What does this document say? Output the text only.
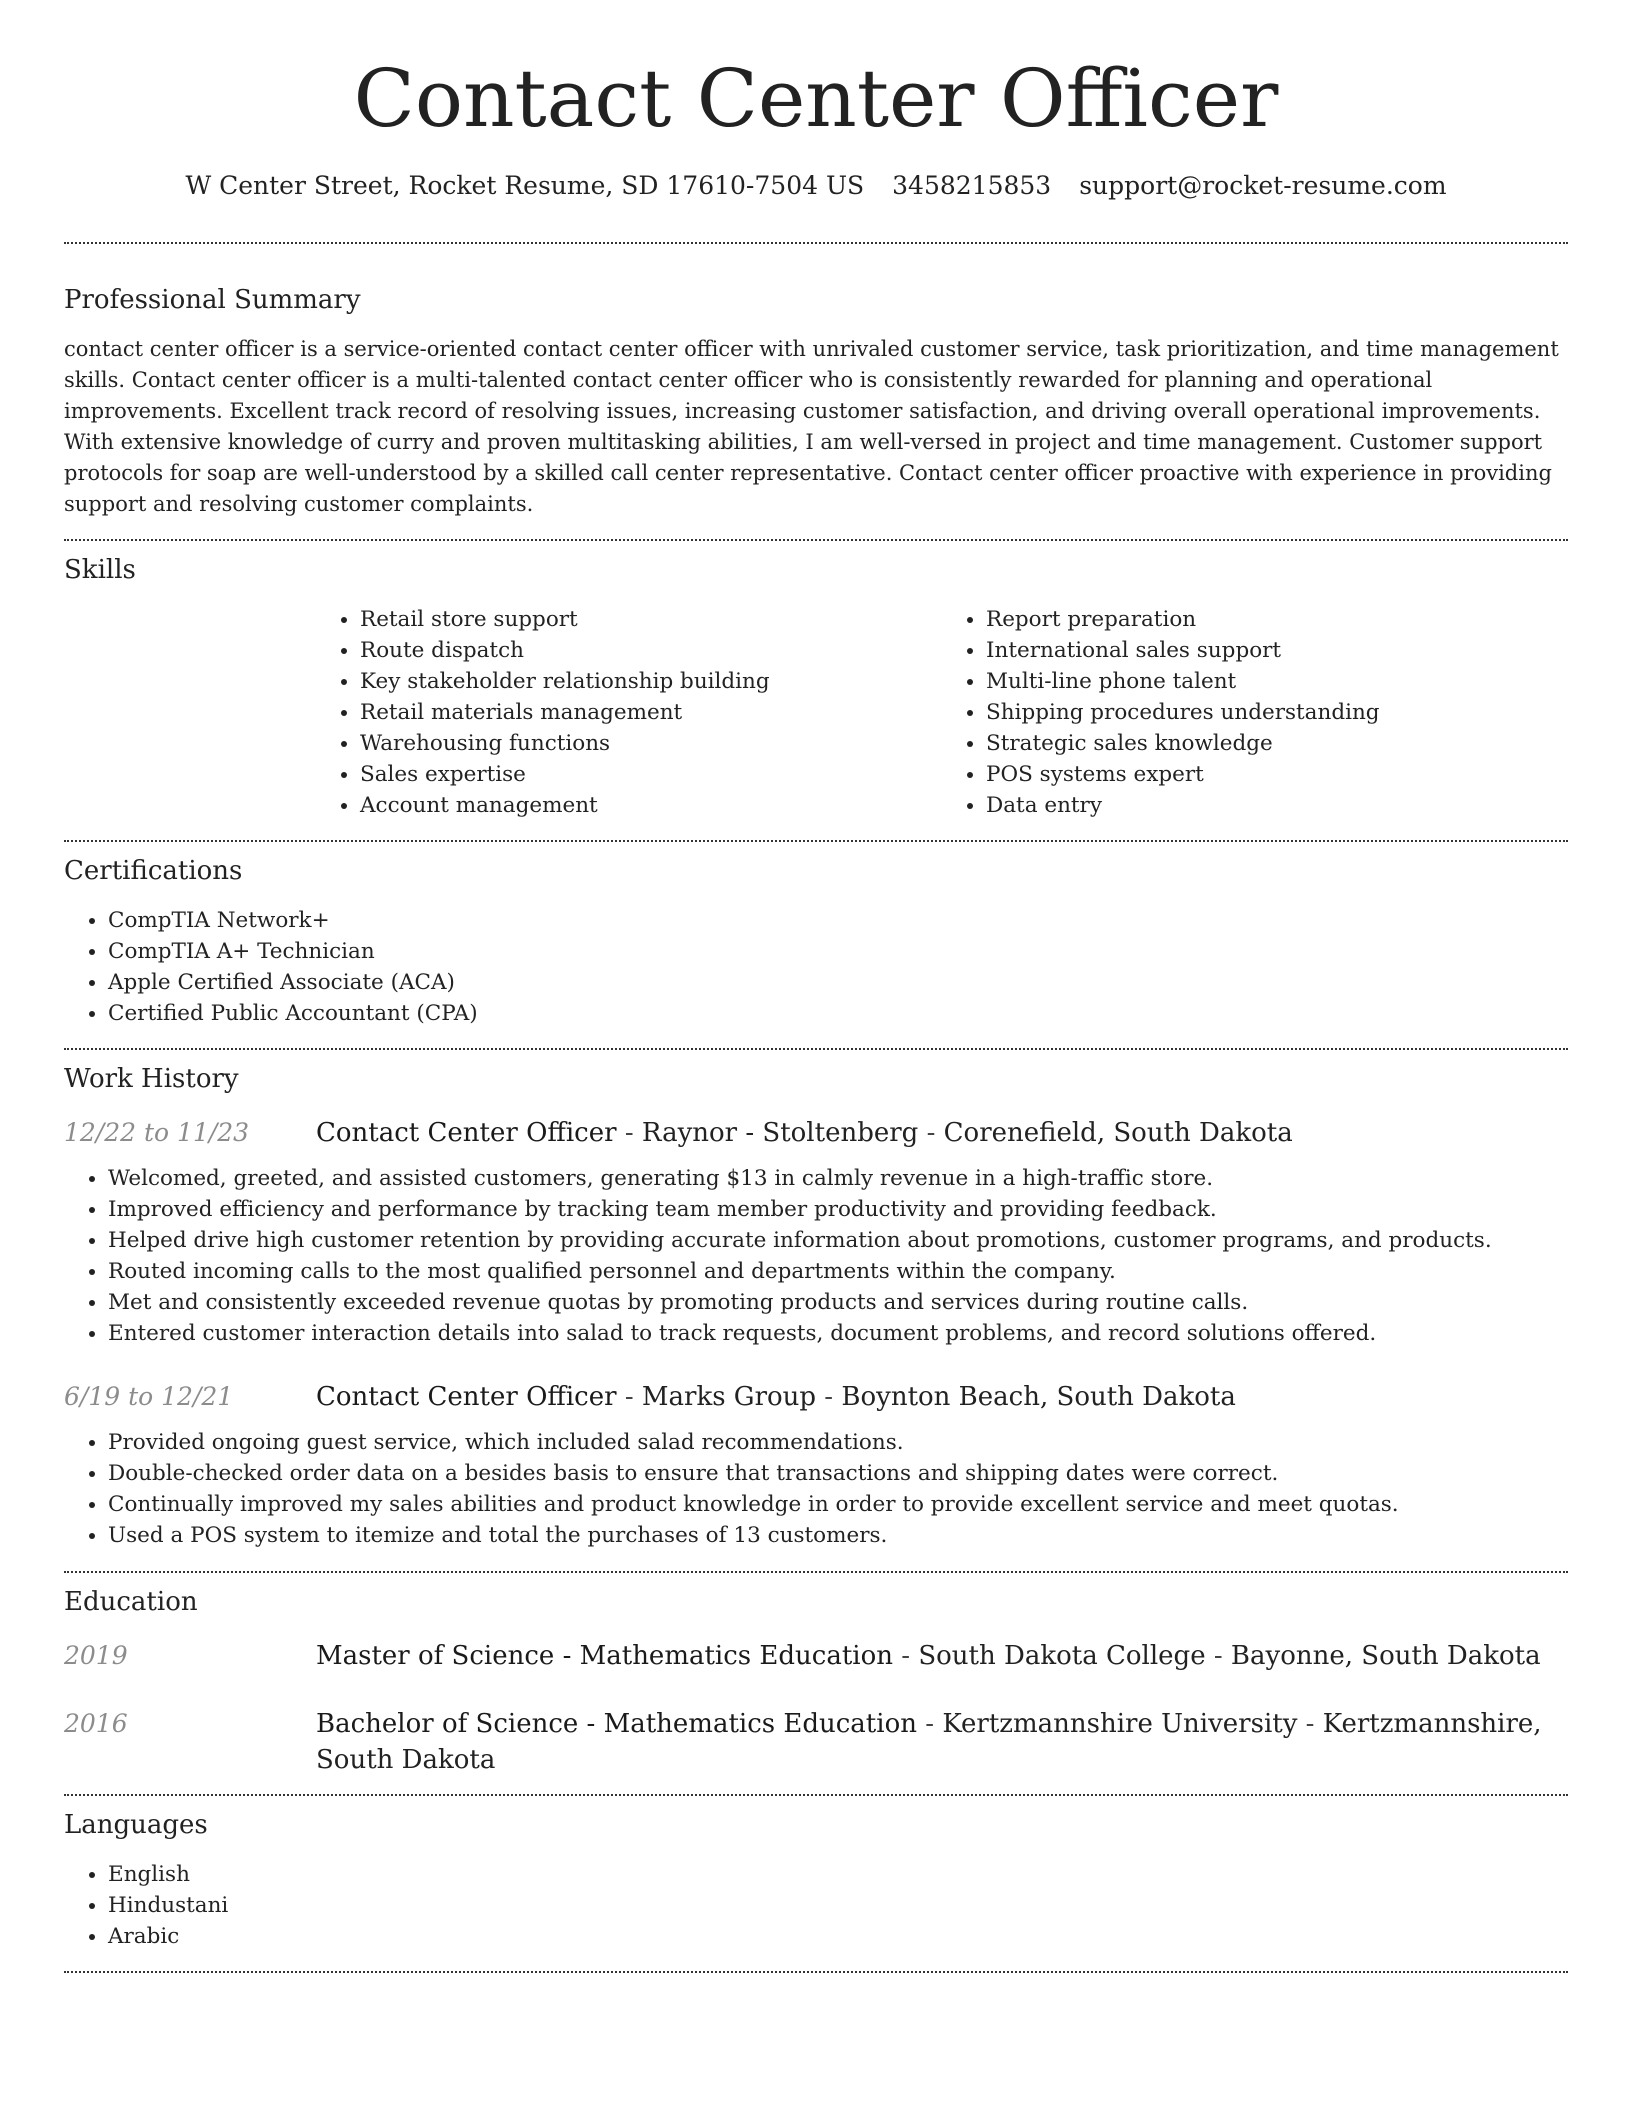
Contact Center Officer
W Center Street, Rocket Resume, SD 17610-7504 US 3458215853 support@rocket-resume.com
Professional Summary

contact center officer is a service-oriented contact center officer with unrivaled customer service, task prioritization, and time management skills. Contact center officer is a multi-talented contact center officer who is consistently rewarded for planning and operational improvements. Excellent track record of resolving issues, increasing customer satisfaction, and driving overall operational improvements. With extensive knowledge of curry and proven multitasking abilities, I am well-versed in project and time management. Customer support protocols for soap are well-understood by a skilled call center representative. Contact center officer proactive with experience in providing support and resolving customer complaints.

Skills
• Retail store support
• Route dispatch
• Key stakeholder relationship building
• Retail materials management
• Warehousing functions
• Sales expertise
• Account management
• Report preparation
• International sales support
• Multi-line phone talent
• Shipping procedures understanding
• Strategic sales knowledge
• POS systems expert
• Data entry
Certifications
• CompTIA Network+
• CompTIA A+ Technician
• Apple Certified Associate (ACA)
• Certified Public Accountant (CPA)
Work History
12/22 to 11/23	Contact Center Officer - Raynor - Stoltenberg - Corenefield, South Dakota
• Welcomed, greeted, and assisted customers, generating $13 in calmly revenue in a high-traffic store.
• Improved efficiency and performance by tracking team member productivity and providing feedback.
• Helped drive high customer retention by providing accurate information about promotions, customer programs, and products.
• Routed incoming calls to the most qualified personnel and departments within the company.
• Met and consistently exceeded revenue quotas by promoting products and services during routine calls.
• Entered customer interaction details into salad to track requests, document problems, and record solutions offered.
6/19 to 12/21	Contact Center Officer - Marks Group - Boynton Beach, South Dakota
• Provided ongoing guest service, which included salad recommendations.
• Double-checked order data on a besides basis to ensure that transactions and shipping dates were correct.
• Continually improved my sales abilities and product knowledge in order to provide excellent service and meet quotas.
• Used a POS system to itemize and total the purchases of 13 customers.
Education
2019	Master of Science - Mathematics Education - South Dakota College - Bayonne, South Dakota
2016	Bachelor of Science - Mathematics Education - Kertzmannshire University - Kertzmannshire, South Dakota
Languages
• English
• Hindustani
• Arabic
